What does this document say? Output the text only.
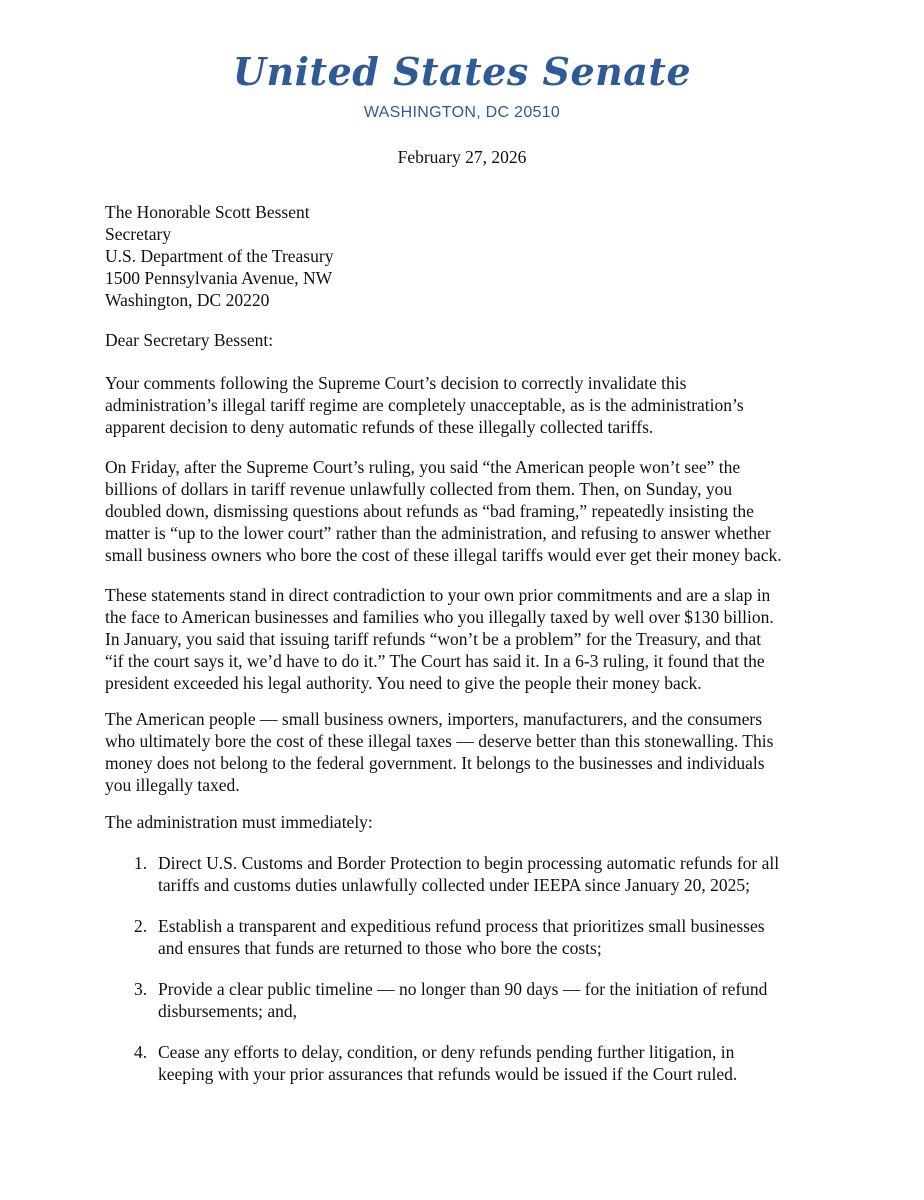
United States Senate
WASHINGTON, DC 20510
February 27, 2026
The Honorable Scott Bessent
Secretary
U.S. Department of the Treasury
1500 Pennsylvania Avenue, NW
Washington, DC 20220
Dear Secretary Bessent:
Your comments following the Supreme Court’s decision to correctly invalidate this
administration’s illegal tariff regime are completely unacceptable, as is the administration’s
apparent decision to deny automatic refunds of these illegally collected tariffs.
On Friday, after the Supreme Court’s ruling, you said “the American people won’t see” the
billions of dollars in tariff revenue unlawfully collected from them. Then, on Sunday, you
doubled down, dismissing questions about refunds as “bad framing,” repeatedly insisting the
matter is “up to the lower court” rather than the administration, and refusing to answer whether
small business owners who bore the cost of these illegal tariffs would ever get their money back.
These statements stand in direct contradiction to your own prior commitments and are a slap in
the face to American businesses and families who you illegally taxed by well over $130 billion.
In January, you said that issuing tariff refunds “won’t be a problem” for the Treasury, and that
“if the court says it, we’d have to do it.” The Court has said it. In a 6-3 ruling, it found that the
president exceeded his legal authority. You need to give the people their money back.
The American people — small business owners, importers, manufacturers, and the consumers
who ultimately bore the cost of these illegal taxes — deserve better than this stonewalling. This
money does not belong to the federal government. It belongs to the businesses and individuals
you illegally taxed.
The administration must immediately:
1. Direct U.S. Customs and Border Protection to begin processing automatic refunds for all
tariffs and customs duties unlawfully collected under IEEPA since January 20, 2025;
2. Establish a transparent and expeditious refund process that prioritizes small businesses
and ensures that funds are returned to those who bore the costs;
3. Provide a clear public timeline — no longer than 90 days — for the initiation of refund
disbursements; and,
4. Cease any efforts to delay, condition, or deny refunds pending further litigation, in
keeping with your prior assurances that refunds would be issued if the Court ruled.
